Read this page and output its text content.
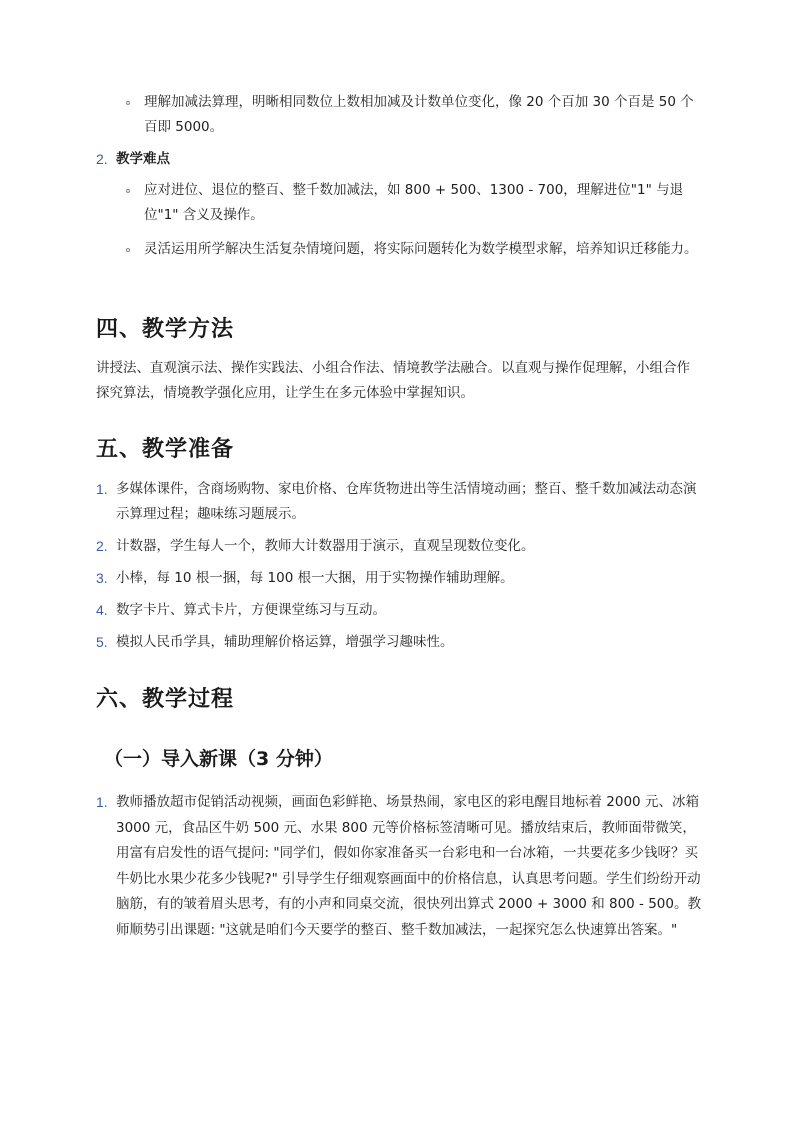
理解加减法算理，明晰相同数位上数相加减及计数单位变化，像 20 个百加 30 个百是 50 个百即 5000。
2. 教学难点
应对进位、退位的整百、整千数加减法，如 800 + 500、1300 - 700，理解进位"1" 与退位"1" 含义及操作。
灵活运用所学解决生活复杂情境问题，将实际问题转化为数学模型求解，培养知识迁移能力。
四、教学方法

讲授法、直观演示法、操作实践法、小组合作法、情境教学法融合。以直观与操作促理解，小组合作探究算法，情境教学强化应用，让学生在多元体验中掌握知识。

五、教学准备
1. 多媒体课件，含商场购物、家电价格、仓库货物进出等生活情境动画；整百、整千数加减法动态演示算理过程；趣味练习题展示。
2. 计数器，学生每人一个，教师大计数器用于演示，直观呈现数位变化。
3. 小棒，每 10 根一捆，每 100 根一大捆，用于实物操作辅助理解。
4. 数字卡片、算式卡片，方便课堂练习与互动。
5. 模拟人民币学具，辅助理解价格运算，增强学习趣味性。
六、教学过程
（一）导入新课（3 分钟）
1. 教师播放超市促销活动视频，画面色彩鲜艳、场景热闹，家电区的彩电醒目地标着 2000 元、冰箱 3000 元，食品区牛奶 500 元、水果 800 元等价格标签清晰可见。播放结束后，教师面带微笑，用富有启发性的语气提问: "同学们，假如你家准备买一台彩电和一台冰箱，一共要花多少钱呀？买牛奶比水果少花多少钱呢?" 引导学生仔细观察画面中的价格信息，认真思考问题。学生们纷纷开动脑筋，有的皱着眉头思考，有的小声和同桌交流，很快列出算式 2000 + 3000 和 800 - 500。教师顺势引出课题: "这就是咱们今天要学的整百、整千数加减法，一起探究怎么快速算出答案。"
